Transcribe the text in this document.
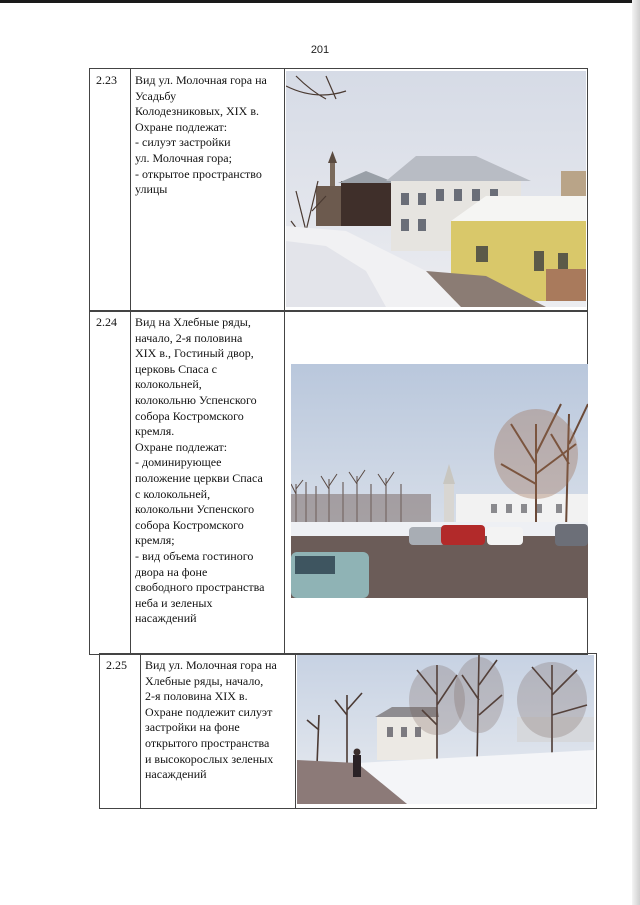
201
2.23	Вид ул. Молочная гора на
Усадьбу
Колодезниковых, XIX в.
Охране подлежат:
- силуэт застройки
ул. Молочная гора;
- открытое пространство
улицы
2.24	Вид на Хлебные ряды,
начало, 2-я половина
XIX в., Гостиный двор,
церковь Спаса с
колокольней,
колокольню Успенского
собора Костромского
кремля.
Охране подлежат:
- доминирующее
положение церкви Спаса
с колокольней,
колокольни Успенского
собора Костромского
кремля;
- вид объема гостиного
двора на фоне
свободного пространства
неба и зеленых
насаждений
2.25	Вид ул. Молочная гора на
Хлебные ряды, начало,
2-я половина XIX в.
Охране подлежит силуэт
застройки на фоне
открытого пространства
и высокорослых зеленых
насаждений
